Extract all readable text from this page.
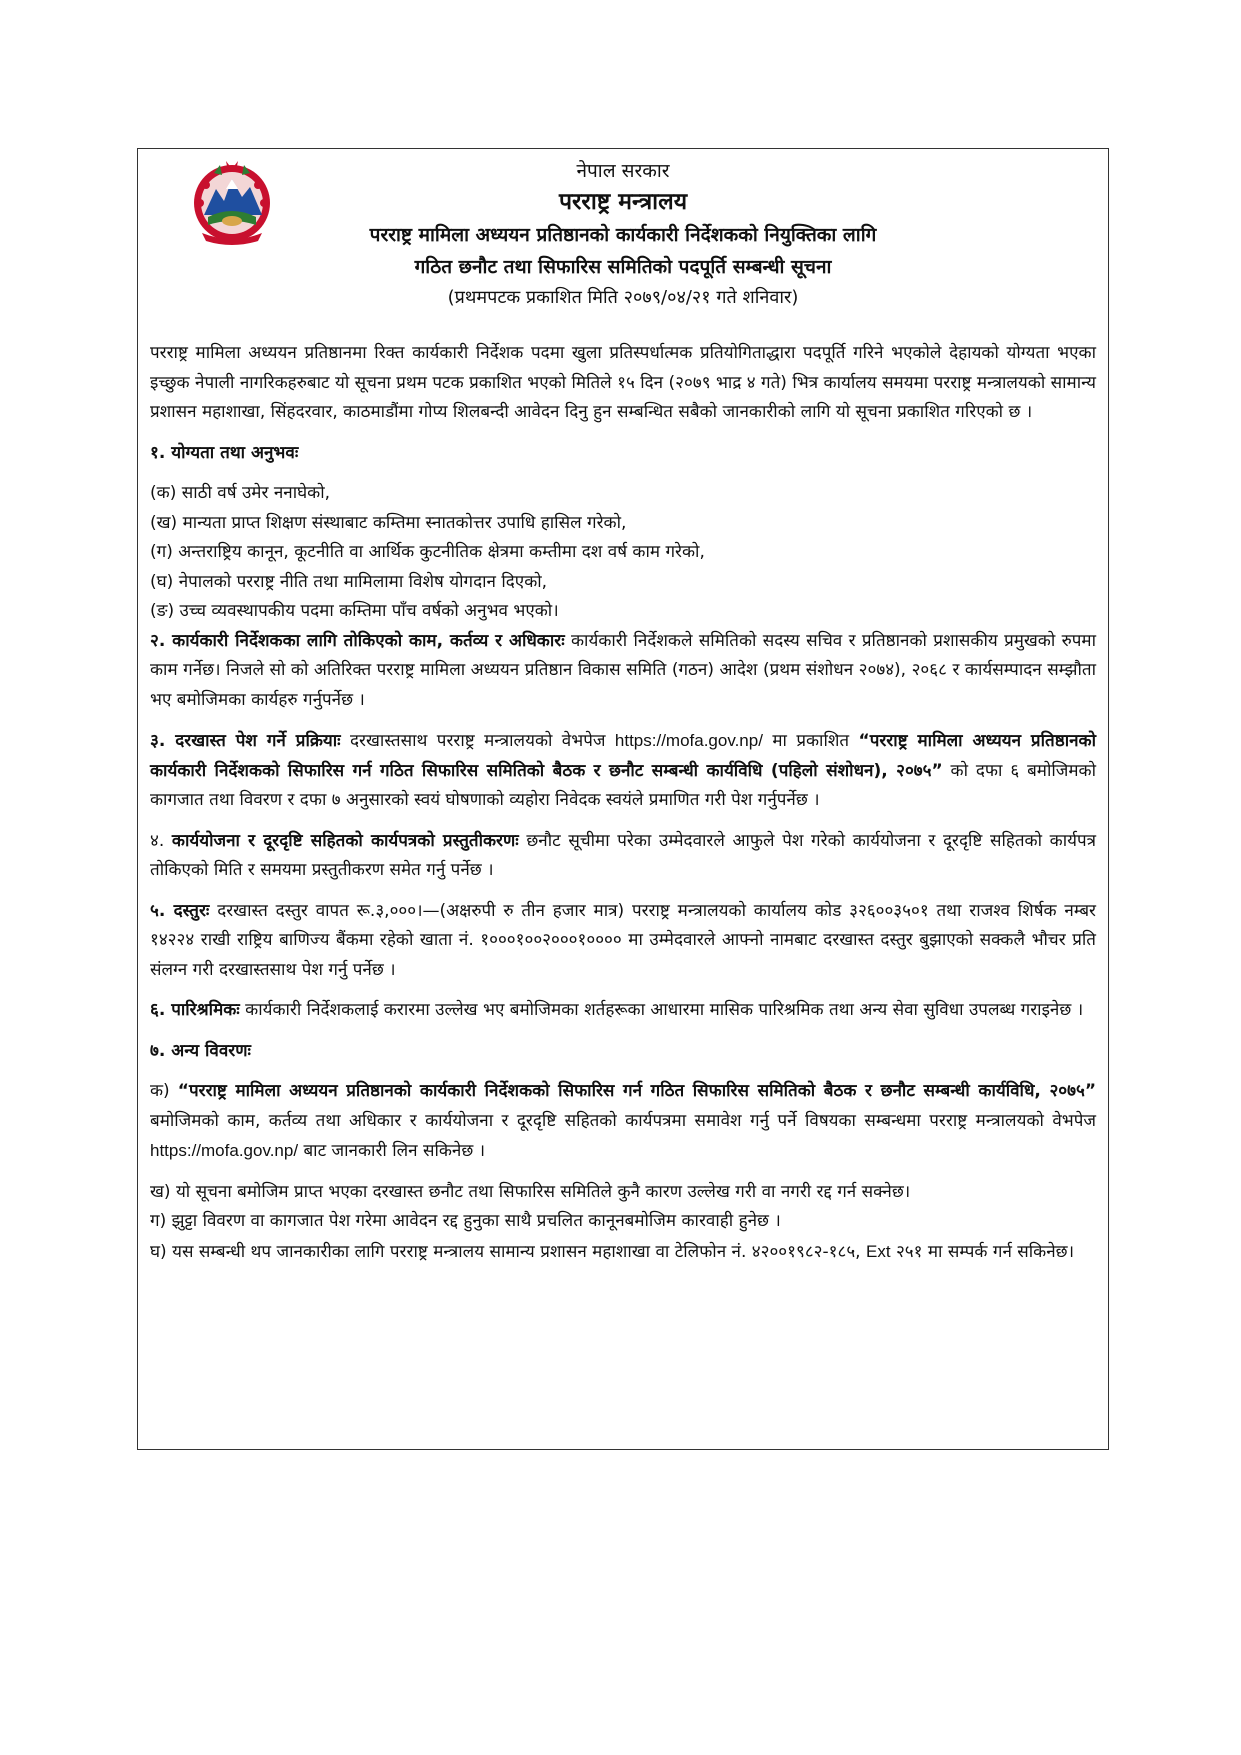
नेपाल सरकार
परराष्ट्र मन्त्रालय
परराष्ट्र मामिला अध्ययन प्रतिष्ठानको कार्यकारी निर्देशकको नियुक्तिका लागि
गठित छनौट तथा सिफारिस समितिको पदपूर्ति सम्बन्धी सूचना
(प्रथमपटक प्रकाशित मिति २०७९/०४/२१ गते शनिवार)

परराष्ट्र मामिला अध्ययन प्रतिष्ठानमा रिक्त कार्यकारी निर्देशक पदमा खुला प्रतिस्पर्धात्मक प्रतियोगिताद्धारा पदपूर्ति गरिने भएकोले देहायको योग्यता भएका इच्छुक नेपाली नागरिकहरुबाट यो सूचना प्रथम पटक प्रकाशित भएको मितिले १५ दिन (२०७९ भाद्र ४ गते) भित्र कार्यालय समयमा परराष्ट्र मन्त्रालयको सामान्य प्रशासन महाशाखा, सिंहदरवार, काठमाडौंमा गोप्य शिलबन्दी आवेदन दिनु हुन सम्बन्धित सबैको जानकारीको लागि यो सूचना प्रकाशित गरिएको छ ।

१. योग्यता तथा अनुभवः

(क) साठी वर्ष उमेर ननाघेको,

(ख) मान्यता प्राप्त शिक्षण संस्थाबाट कम्तिमा स्नातकोत्तर उपाधि हासिल गरेको,

(ग) अन्तराष्ट्रिय कानून, कूटनीति वा आर्थिक कुटनीतिक क्षेत्रमा कम्तीमा दश वर्ष काम गरेको,

(घ) नेपालको परराष्ट्र नीति तथा मामिलामा विशेष योगदान दिएको,

(ङ) उच्च व्यवस्थापकीय पदमा कम्तिमा पाँच वर्षको अनुभव भएको।

२. कार्यकारी निर्देशकका लागि तोकिएको काम, कर्तव्य र अधिकारः कार्यकारी निर्देशकले समितिको सदस्य सचिव र प्रतिष्ठानको प्रशासकीय प्रमुखको रुपमा काम गर्नेछ। निजले सो को अतिरिक्त परराष्ट्र मामिला अध्ययन प्रतिष्ठान विकास समिति (गठन) आदेश (प्रथम संशोधन २०७४), २०६८ र कार्यसम्पादन सम्झौता भए बमोजिमका कार्यहरु गर्नुपर्नेछ ।

३. दरखास्त पेश गर्ने प्रक्रियाः दरखास्तसाथ परराष्ट्र मन्त्रालयको वेभपेज https://mofa.gov.np/ मा प्रकाशित “परराष्ट्र मामिला अध्ययन प्रतिष्ठानको कार्यकारी निर्देशकको सिफारिस गर्न गठित सिफारिस समितिको बैठक र छनौट सम्बन्धी कार्यविधि (पहिलो संशोधन), २०७५” को दफा ६ बमोजिमको कागजात तथा विवरण र दफा ७ अनुसारको स्वयं घोषणाको व्यहोरा निवेदक स्वयंले प्रमाणित गरी पेश गर्नुपर्नेछ ।

४. कार्ययोजना र दूरदृष्टि सहितको कार्यपत्रको प्रस्तुतीकरणः छनौट सूचीमा परेका उम्मेदवारले आफुले पेश गरेको कार्ययोजना र दूरदृष्टि सहितको कार्यपत्र तोकिएको मिति र समयमा प्रस्तुतीकरण समेत गर्नु पर्नेछ ।

५. दस्तुरः दरखास्त दस्तुर वापत रू.३,०००।—(अक्षरुपी रु तीन हजार मात्र) परराष्ट्र मन्त्रालयको कार्यालय कोड ३२६००३५०१ तथा राजश्व शिर्षक नम्बर १४२२४ राखी राष्ट्रिय बाणिज्य बैंकमा रहेको खाता नं. १०००१००२०००१०००० मा उम्मेदवारले आफ्नो नामबाट दरखास्त दस्तुर बुझाएको सक्कलै भौचर प्रति संलग्न गरी दरखास्तसाथ पेश गर्नु पर्नेछ ।

६. पारिश्रमिकः कार्यकारी निर्देशकलाई करारमा उल्लेख भए बमोजिमका शर्तहरूका आधारमा मासिक पारिश्रमिक तथा अन्य सेवा सुविधा उपलब्ध गराइनेछ ।

७. अन्य विवरणः

क) “परराष्ट्र मामिला अध्ययन प्रतिष्ठानको कार्यकारी निर्देशकको सिफारिस गर्न गठित सिफारिस समितिको बैठक र छनौट सम्बन्धी कार्यविधि, २०७५” बमोजिमको काम, कर्तव्य तथा अधिकार र कार्ययोजना र दूरदृष्टि सहितको कार्यपत्रमा समावेश गर्नु पर्ने विषयका सम्बन्धमा परराष्ट्र मन्त्रालयको वेभपेज https://mofa.gov.np/ बाट जानकारी लिन सकिनेछ ।

ख) यो सूचना बमोजिम प्राप्त भएका दरखास्त छनौट तथा सिफारिस समितिले कुनै कारण उल्लेख गरी वा नगरी रद्द गर्न सक्नेछ।

ग) झुट्टा विवरण वा कागजात पेश गरेमा आवेदन रद्द हुनुका साथै प्रचलित कानूनबमोजिम कारवाही हुनेछ ।

घ) यस सम्बन्धी थप जानकारीका लागि परराष्ट्र मन्त्रालय सामान्य प्रशासन महाशाखा वा टेलिफोन नं. ४२००१९८२-१८५, Ext २५१ मा सम्पर्क गर्न सकिनेछ।
